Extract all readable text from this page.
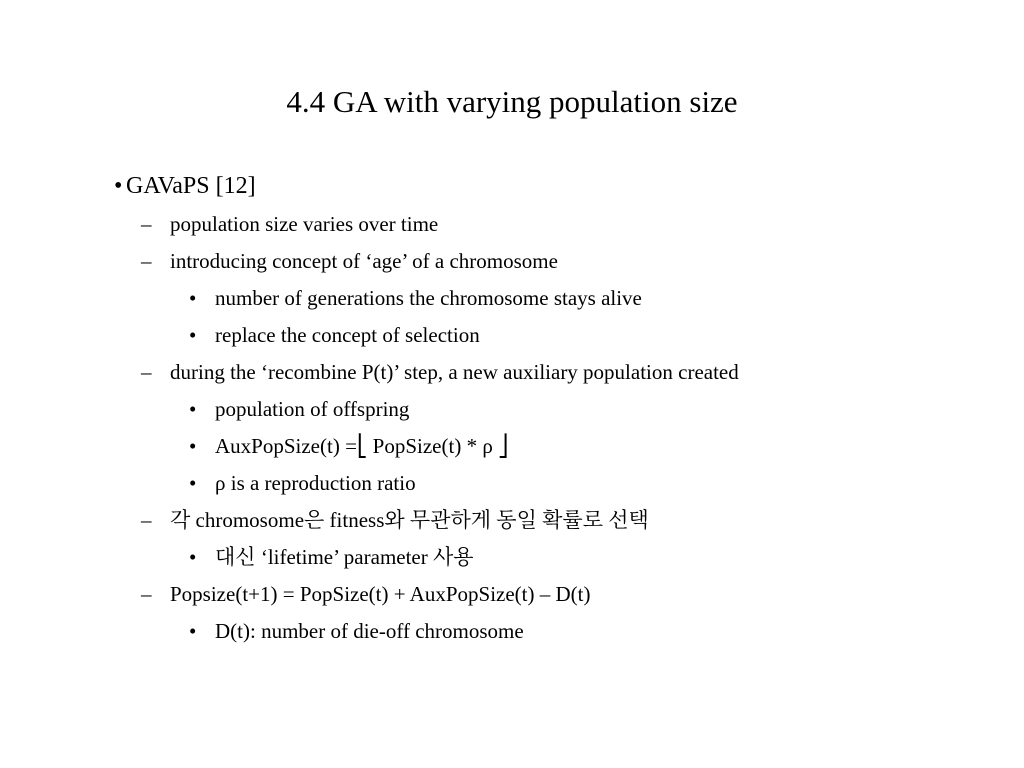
4.4 GA with varying population size
• GAVaPS [12]
– population size varies over time
– introducing concept of ‘age’ of a chromosome
• number of generations the chromosome stays alive
• replace the concept of selection
– during the ‘recombine P(t)’ step, a new auxiliary population created
• population of offspring
• AuxPopSize(t) =⎣ PopSize(t) * ρ ⎦
• ρ is a reproduction ratio
– 각 chromosome은 fitness와 무관하게 동일 확률로 선택
• 대신 ‘lifetime’ parameter 사용
– Popsize(t+1) = PopSize(t) + AuxPopSize(t) – D(t)
• D(t): number of die-off chromosome
